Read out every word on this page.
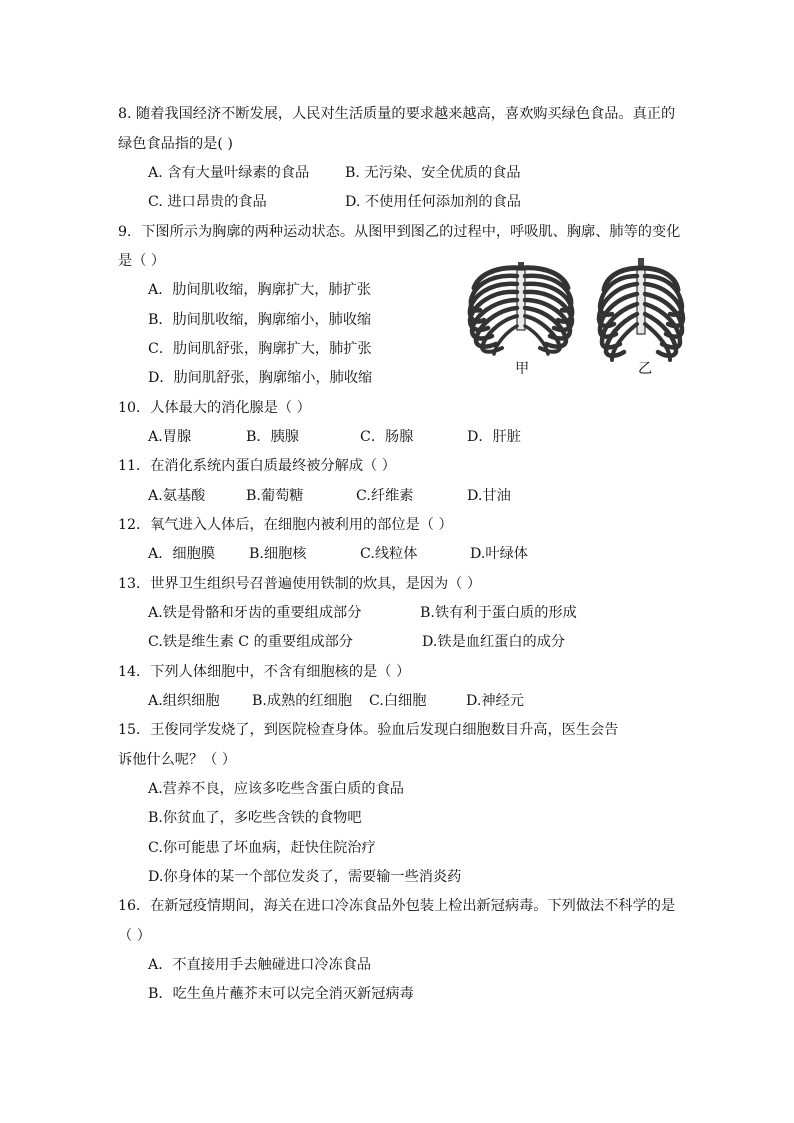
8. 随着我国经济不断发展，人民对生活质量的要求越来越高，喜欢购买绿色食品。真正的
绿色食品指的是( )
A. 含有大量叶绿素的食品	B. 无污染、安全优质的食品
C. 进口昂贵的食品	D. 不使用任何添加剂的食品
9．下图所示为胸廓的两种运动状态。从图甲到图乙的过程中，呼吸肌、胸廓、肺等的变化
是（ ）
A．肋间肌收缩，胸廓扩大，肺扩张
B．肋间肌收缩，胸廓缩小，肺收缩
C．肋间肌舒张，胸廓扩大，肺扩张
D．肋间肌舒张，胸廓缩小，肺收缩
甲	乙
10．人体最大的消化腺是（ ）
A.胃腺	B．胰腺	C．肠腺	D．肝脏
11．在消化系统内蛋白质最终被分解成（ ）
A.氨基酸	B.葡萄糖	C.纤维素	D.甘油
12．氧气进入人体后，在细胞内被利用的部位是（ ）
A．细胞膜 B.细胞核	C.线粒体	D.叶绿体
13．世界卫生组织号召普遍使用铁制的炊具，是因为（ ）
A.铁是骨骼和牙齿的重要组成部分	B.铁有利于蛋白质的形成
C.铁是维生素 C 的重要组成部分	D.铁是血红蛋白的成分
14．下列人体细胞中，不含有细胞核的是（ ）
A.组织细胞 B.成熟的红细胞 C.白细胞	D.神经元
15．王俊同学发烧了，到医院检查身体。验血后发现白细胞数目升高，医生会告
诉他什么呢？（ ）
A.营养不良，应该多吃些含蛋白质的食品
B.你贫血了，多吃些含铁的食物吧
C.你可能患了坏血病，赶快住院治疗
D.你身体的某一个部位发炎了，需要输一些消炎药
16．在新冠疫情期间，海关在进口冷冻食品外包装上检出新冠病毒。下列做法不科学的是
（ ）
A．不直接用手去触碰进口冷冻食品
B．吃生鱼片蘸芥末可以完全消灭新冠病毒
